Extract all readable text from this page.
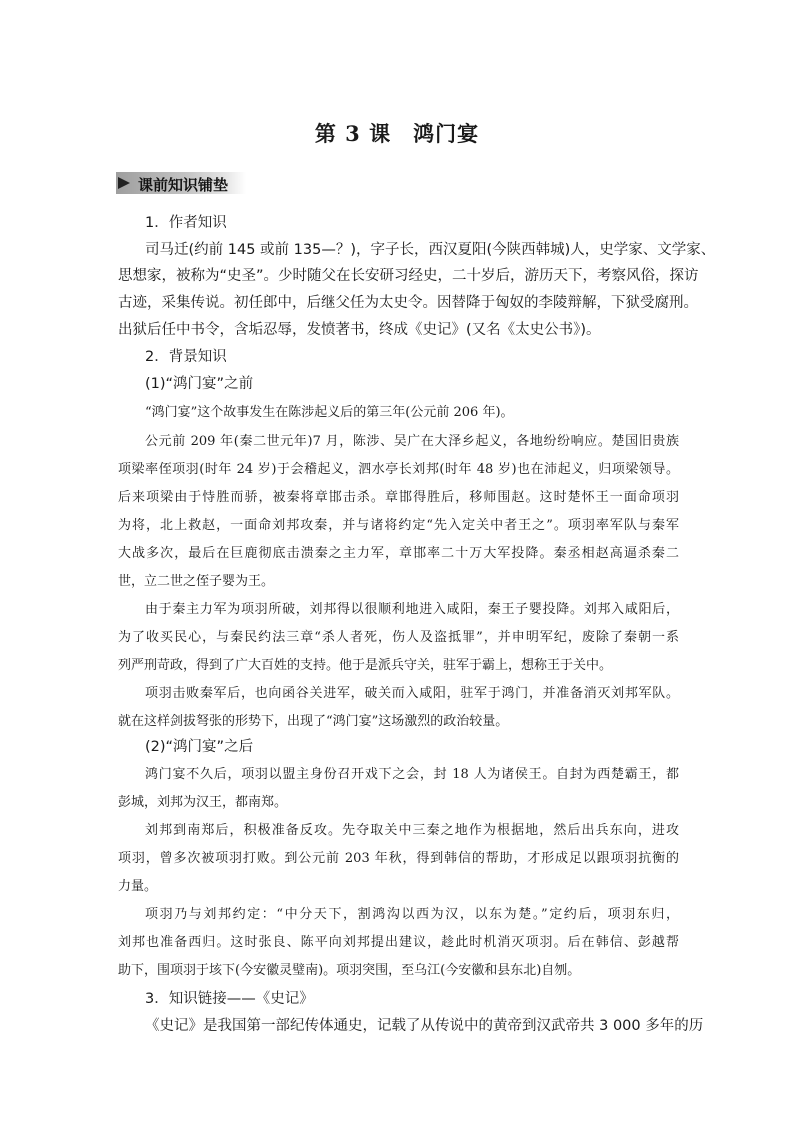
第 3 课　鸿门宴
课前知识铺垫
1．作者知识
司马迁(约前 145 或前 135—？)，字子长，西汉夏阳(今陕西韩城)人，史学家、文学家、
思想家，被称为“史圣”。少时随父在长安研习经史，二十岁后，游历天下，考察风俗，探访
古迹，采集传说。初任郎中，后继父任为太史令。因替降于匈奴的李陵辩解，下狱受腐刑。
出狱后任中书令，含垢忍辱，发愤著书，终成《史记》(又名《太史公书》)。
2．背景知识
(1)“鸿门宴”之前
“鸿门宴”这个故事发生在陈涉起义后的第三年(公元前 206 年)。
公元前 209 年(秦二世元年)7 月，陈涉、吴广在大泽乡起义，各地纷纷响应。楚国旧贵族
项梁率侄项羽(时年 24 岁)于会稽起义，泗水亭长刘邦(时年 48 岁)也在沛起义，归项梁领导。
后来项梁由于恃胜而骄，被秦将章邯击杀。章邯得胜后，移师围赵。这时楚怀王一面命项羽
为将，北上救赵，一面命刘邦攻秦，并与诸将约定“先入定关中者王之”。项羽率军队与秦军
大战多次，最后在巨鹿彻底击溃秦之主力军，章邯率二十万大军投降。秦丞相赵高逼杀秦二
世，立二世之侄子婴为王。
由于秦主力军为项羽所破，刘邦得以很顺利地进入咸阳，秦王子婴投降。刘邦入咸阳后，
为了收买民心，与秦民约法三章“杀人者死，伤人及盗抵罪”，并申明军纪，废除了秦朝一系
列严刑苛政，得到了广大百姓的支持。他于是派兵守关，驻军于霸上，想称王于关中。
项羽击败秦军后，也向函谷关进军，破关而入咸阳，驻军于鸿门，并准备消灭刘邦军队。
就在这样剑拔弩张的形势下，出现了“鸿门宴”这场激烈的政治较量。
(2)“鸿门宴”之后
鸿门宴不久后，项羽以盟主身份召开戏下之会，封 18 人为诸侯王。自封为西楚霸王，都
彭城，刘邦为汉王，都南郑。
刘邦到南郑后，积极准备反攻。先夺取关中三秦之地作为根据地，然后出兵东向，进攻
项羽，曾多次被项羽打败。到公元前 203 年秋，得到韩信的帮助，才形成足以跟项羽抗衡的
力量。
项羽乃与刘邦约定：“中分天下，割鸿沟以西为汉，以东为楚。”定约后，项羽东归，
刘邦也准备西归。这时张良、陈平向刘邦提出建议，趁此时机消灭项羽。后在韩信、彭越帮
助下，围项羽于垓下(今安徽灵璧南)。项羽突围，至乌江(今安徽和县东北)自刎。
3．知识链接——《史记》
《史记》是我国第一部纪传体通史，记载了从传说中的黄帝到汉武帝共 3 000 多年的历
